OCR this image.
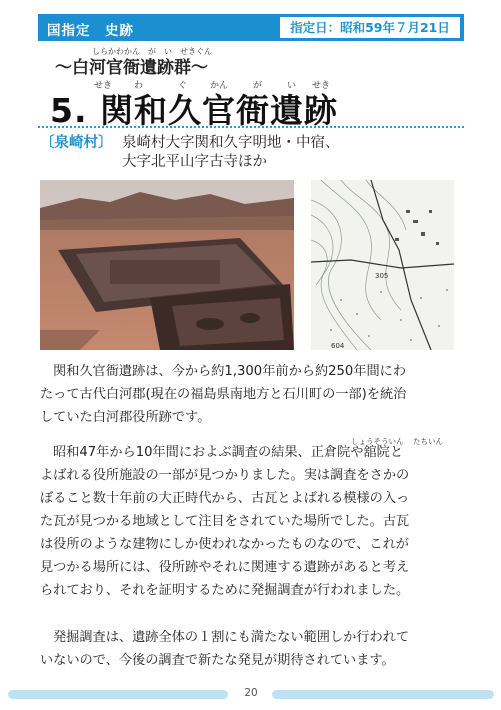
国指定　史跡	指定日：昭和59年７月21日
しらかわかん　が　い　せきぐん
〜白河官衙遺跡群〜
せき わ	ぐ	かん	が	い せき
5. 関和久官衙遺跡
〔泉崎村〕 泉崎村大字関和久字明地・中宿、
大字北平山字古寺ほか
305
604
関和久官衙遺跡は、今から約1,300年前から約250年間にわ
たって古代白河郡(現在の福島県南地方と石川町の一部)を統治
していた白河郡役所跡です。
しょうそういん たちいん
昭和47年から10年間におよぶ調査の結果、正倉院や舘院と
よばれる役所施設の一部が見つかりました。実は調査をさかの
ぼること数十年前の大正時代から、古瓦とよばれる模様の入っ
た瓦が見つかる地域として注目をされていた場所でした。古瓦
は役所のような建物にしか使われなかったものなので、これが
見つかる場所には、役所跡やそれに関連する遺跡があると考え
られており、それを証明するために発掘調査が行われました。
発掘調査は、遺跡全体の１割にも満たない範囲しか行われて
いないので、今後の調査で新たな発見が期待されています。
20
